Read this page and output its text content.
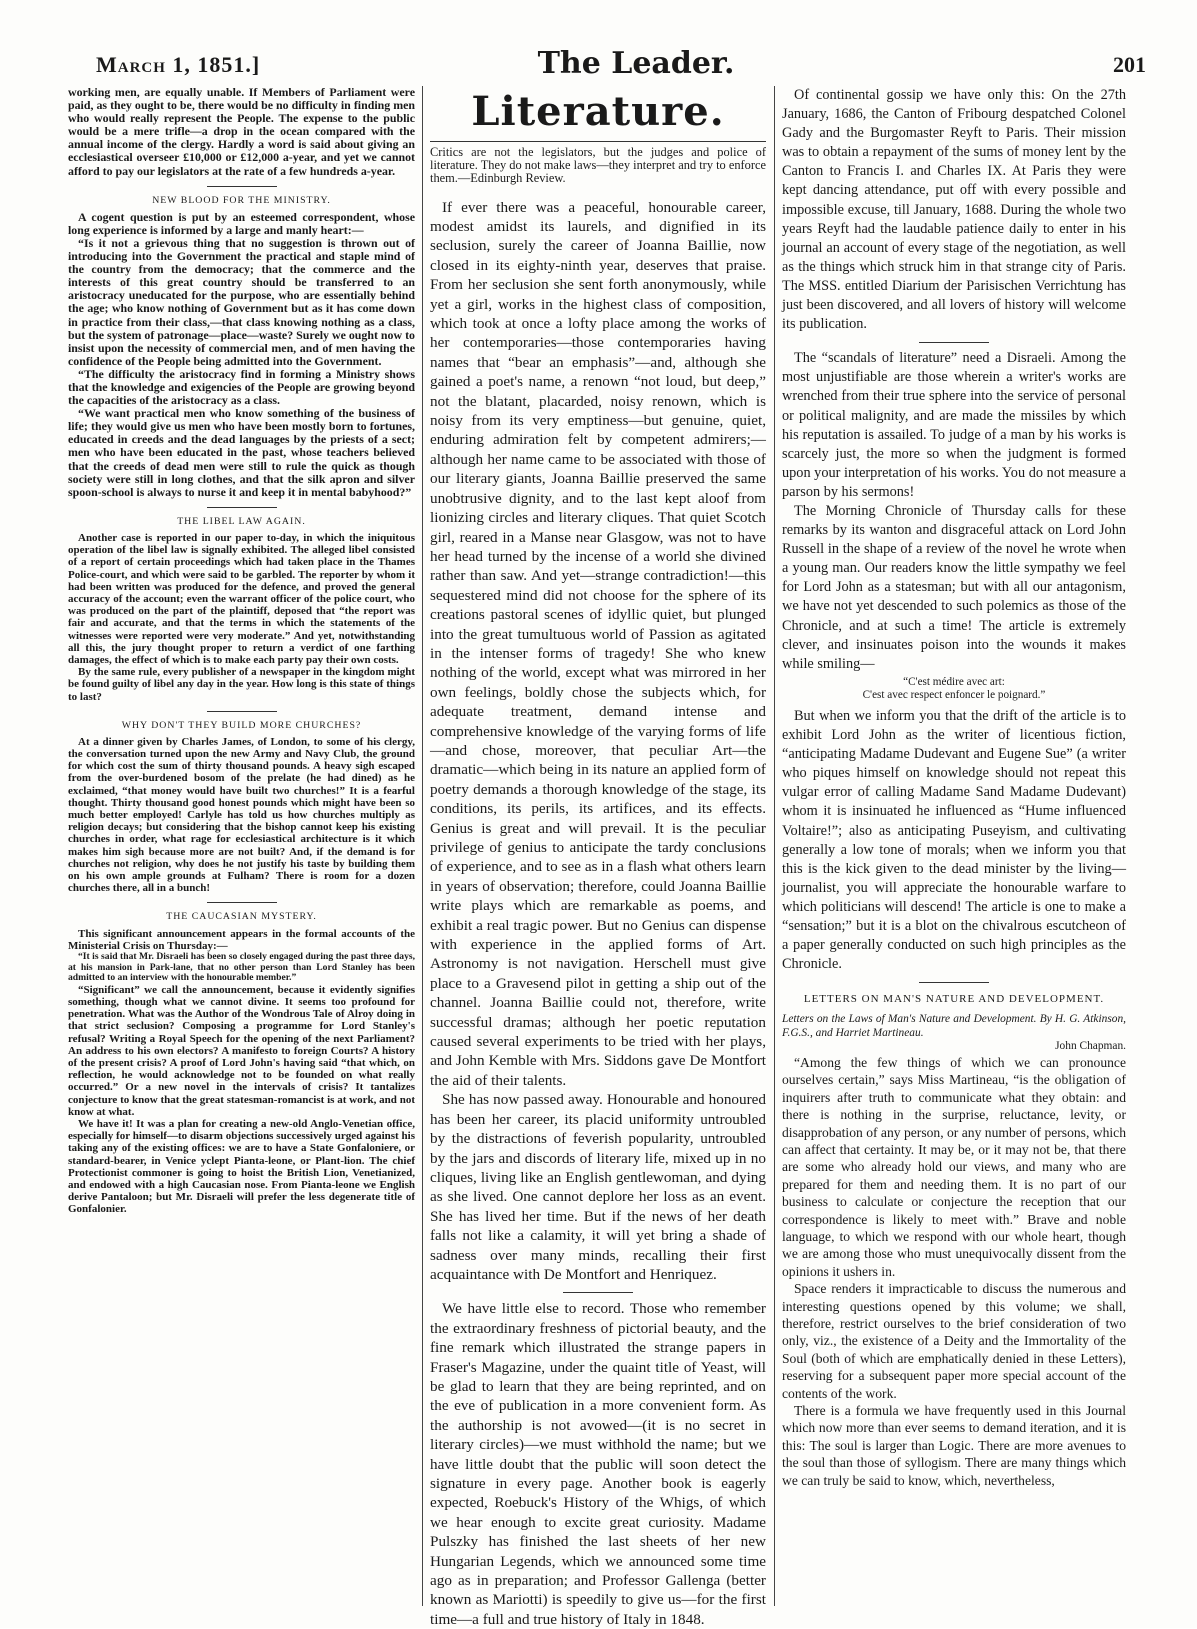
March 1, 1851.]	The Leader.	201

working men, are equally unable. If Members of Parliament were paid, as they ought to be, there would be no difficulty in finding men who would really represent the People. The expense to the public would be a mere trifle—a drop in the ocean compared with the annual income of the clergy. Hardly a word is said about giving an ecclesiastical overseer £10,000 or £12,000 a-year, and yet we cannot afford to pay our legislators at the rate of a few hundreds a-year.

NEW BLOOD FOR THE MINISTRY.

A cogent question is put by an esteemed correspondent, whose long experience is informed by a large and manly heart:—

“Is it not a grievous thing that no suggestion is thrown out of introducing into the Government the practical and staple mind of the country from the democracy; that the commerce and the interests of this great country should be transferred to an aristocracy uneducated for the purpose, who are essentially behind the age; who know nothing of Government but as it has come down in practice from their class,—that class knowing nothing as a class, but the system of patronage—place—waste? Surely we ought now to insist upon the necessity of commercial men, and of men having the confidence of the People being admitted into the Government.

“The difficulty the aristocracy find in forming a Ministry shows that the knowledge and exigencies of the People are growing beyond the capacities of the aristocracy as a class.

“We want practical men who know something of the business of life; they would give us men who have been mostly born to fortunes, educated in creeds and the dead languages by the priests of a sect; men who have been educated in the past, whose teachers believed that the creeds of dead men were still to rule the quick as though society were still in long clothes, and that the silk apron and silver spoon-school is always to nurse it and keep it in mental babyhood?”

THE LIBEL LAW AGAIN.

Another case is reported in our paper to-day, in which the iniquitous operation of the libel law is signally exhibited. The alleged libel consisted of a report of certain proceedings which had taken place in the Thames Police-court, and which were said to be garbled. The reporter by whom it had been written was produced for the defence, and proved the general accuracy of the account; even the warrant officer of the police court, who was produced on the part of the plaintiff, deposed that “the report was fair and accurate, and that the terms in which the statements of the witnesses were reported were very moderate.” And yet, notwithstanding all this, the jury thought proper to return a verdict of one farthing damages, the effect of which is to make each party pay their own costs.

By the same rule, every publisher of a newspaper in the kingdom might be found guilty of libel any day in the year. How long is this state of things to last?

WHY DON'T THEY BUILD MORE CHURCHES?

At a dinner given by Charles James, of London, to some of his clergy, the conversation turned upon the new Army and Navy Club, the ground for which cost the sum of thirty thousand pounds. A heavy sigh escaped from the over-burdened bosom of the prelate (he had dined) as he exclaimed, “that money would have built two churches!” It is a fearful thought. Thirty thousand good honest pounds which might have been so much better employed! Carlyle has told us how churches multiply as religion decays; but considering that the bishop cannot keep his existing churches in order, what rage for ecclesiastical architecture is it which makes him sigh because more are not built? And, if the demand is for churches not religion, why does he not justify his taste by building them on his own ample grounds at Fulham? There is room for a dozen churches there, all in a bunch!

THE CAUCASIAN MYSTERY.

This significant announcement appears in the formal accounts of the Ministerial Crisis on Thursday:—

“It is said that Mr. Disraeli has been so closely engaged during the past three days, at his mansion in Park-lane, that no other person than Lord Stanley has been admitted to an interview with the honourable member.”

“Significant” we call the announcement, because it evidently signifies something, though what we cannot divine. It seems too profound for penetration. What was the Author of the Wondrous Tale of Alroy doing in that strict seclusion? Composing a programme for Lord Stanley's refusal? Writing a Royal Speech for the opening of the next Parliament? An address to his own electors? A manifesto to foreign Courts? A history of the present crisis? A proof of Lord John's having said “that which, on reflection, he would acknowledge not to be founded on what really occurred.” Or a new novel in the intervals of crisis? It tantalizes conjecture to know that the great statesman-romancist is at work, and not know at what.

We have it! It was a plan for creating a new-old Anglo-Venetian office, especially for himself—to disarm objections successively urged against his taking any of the existing offices: we are to have a State Gonfaloniere, or standard-bearer, in Venice yclept Pianta-leone, or Plant-lion. The chief Protectionist commoner is going to hoist the British Lion, Venetianized, and endowed with a high Caucasian nose. From Pianta-leone we English derive Pantaloon; but Mr. Disraeli will prefer the less degenerate title of Gonfalonier.

Literature.

Critics are not the legislators, but the judges and police of literature. They do not make laws—they interpret and try to enforce them.—Edinburgh Review.

If ever there was a peaceful, honourable career, modest amidst its laurels, and dignified in its seclusion, surely the career of Joanna Baillie, now closed in its eighty-ninth year, deserves that praise. From her seclusion she sent forth anonymously, while yet a girl, works in the highest class of composition, which took at once a lofty place among the works of her contemporaries—those contemporaries having names that “bear an emphasis”—and, although she gained a poet's name, a renown “not loud, but deep,” not the blatant, placarded, noisy renown, which is noisy from its very emptiness—but genuine, quiet, enduring admiration felt by competent admirers;—although her name came to be associated with those of our literary giants, Joanna Baillie preserved the same unobtrusive dignity, and to the last kept aloof from lionizing circles and literary cliques. That quiet Scotch girl, reared in a Manse near Glasgow, was not to have her head turned by the incense of a world she divined rather than saw. And yet—strange contradiction!—this sequestered mind did not choose for the sphere of its creations pastoral scenes of idyllic quiet, but plunged into the great tumultuous world of Passion as agitated in the intenser forms of tragedy! She who knew nothing of the world, except what was mirrored in her own feelings, boldly chose the subjects which, for adequate treatment, demand intense and comprehensive knowledge of the varying forms of life—and chose, moreover, that peculiar Art—the dramatic—which being in its nature an applied form of poetry demands a thorough knowledge of the stage, its conditions, its perils, its artifices, and its effects. Genius is great and will prevail. It is the peculiar privilege of genius to anticipate the tardy conclusions of experience, and to see as in a flash what others learn in years of observation; therefore, could Joanna Baillie write plays which are remarkable as poems, and exhibit a real tragic power. But no Genius can dispense with experience in the applied forms of Art. Astronomy is not navigation. Herschell must give place to a Gravesend pilot in getting a ship out of the channel. Joanna Baillie could not, therefore, write successful dramas; although her poetic reputation caused several experiments to be tried with her plays, and John Kemble with Mrs. Siddons gave De Montfort the aid of their talents.

She has now passed away. Honourable and honoured has been her career, its placid uniformity untroubled by the distractions of feverish popularity, untroubled by the jars and discords of literary life, mixed up in no cliques, living like an English gentlewoman, and dying as she lived. One cannot deplore her loss as an event. She has lived her time. But if the news of her death falls not like a calamity, it will yet bring a shade of sadness over many minds, recalling their first acquaintance with De Montfort and Henriquez.

We have little else to record. Those who remember the extraordinary freshness of pictorial beauty, and the fine remark which illustrated the strange papers in Fraser's Magazine, under the quaint title of Yeast, will be glad to learn that they are being reprinted, and on the eve of publication in a more convenient form. As the authorship is not avowed—(it is no secret in literary circles)—we must withhold the name; but we have little doubt that the public will soon detect the signature in every page. Another book is eagerly expected, Roebuck's History of the Whigs, of which we hear enough to excite great curiosity. Madame Pulszky has finished the last sheets of her new Hungarian Legends, which we announced some time ago as in preparation; and Professor Gallenga (better known as Mariotti) is speedily to give us—for the first time—a full and true history of Italy in 1848.

Of continental gossip we have only this: On the 27th January, 1686, the Canton of Fribourg despatched Colonel Gady and the Burgomaster Reyft to Paris. Their mission was to obtain a repayment of the sums of money lent by the Canton to Francis I. and Charles IX. At Paris they were kept dancing attendance, put off with every possible and impossible excuse, till January, 1688. During the whole two years Reyft had the laudable patience daily to enter in his journal an account of every stage of the negotiation, as well as the things which struck him in that strange city of Paris. The MSS. entitled Diarium der Parisischen Verrichtung has just been discovered, and all lovers of history will welcome its publication.

The “scandals of literature” need a Disraeli. Among the most unjustifiable are those wherein a writer's works are wrenched from their true sphere into the service of personal or political malignity, and are made the missiles by which his reputation is assailed. To judge of a man by his works is scarcely just, the more so when the judgment is formed upon your interpretation of his works. You do not measure a parson by his sermons!

The Morning Chronicle of Thursday calls for these remarks by its wanton and disgraceful attack on Lord John Russell in the shape of a review of the novel he wrote when a young man. Our readers know the little sympathy we feel for Lord John as a statesman; but with all our antagonism, we have not yet descended to such polemics as those of the Chronicle, and at such a time! The article is extremely clever, and insinuates poison into the wounds it makes while smiling—

“C'est médire avec art:

C'est avec respect enfoncer le poignard.”

But when we inform you that the drift of the article is to exhibit Lord John as the writer of licentious fiction, “anticipating Madame Dudevant and Eugene Sue” (a writer who piques himself on knowledge should not repeat this vulgar error of calling Madame Sand Madame Dudevant) whom it is insinuated he influenced as “Hume influenced Voltaire!”; also as anticipating Puseyism, and cultivating generally a low tone of morals; when we inform you that this is the kick given to the dead minister by the living—journalist, you will appreciate the honourable warfare to which politicians will descend! The article is one to make a “sensation;” but it is a blot on the chivalrous escutcheon of a paper generally conducted on such high principles as the Chronicle.

LETTERS ON MAN'S NATURE AND DEVELOPMENT.

Letters on the Laws of Man's Nature and Development. By H. G. Atkinson, F.G.S., and Harriet Martineau.

John Chapman.

“Among the few things of which we can pronounce ourselves certain,” says Miss Martineau, “is the obligation of inquirers after truth to communicate what they obtain: and there is nothing in the surprise, reluctance, levity, or disapprobation of any person, or any number of persons, which can affect that certainty. It may be, or it may not be, that there are some who already hold our views, and many who are prepared for them and needing them. It is no part of our business to calculate or conjecture the reception that our correspondence is likely to meet with.” Brave and noble language, to which we respond with our whole heart, though we are among those who must unequivocally dissent from the opinions it ushers in.

Space renders it impracticable to discuss the numerous and interesting questions opened by this volume; we shall, therefore, restrict ourselves to the brief consideration of two only, viz., the existence of a Deity and the Immortality of the Soul (both of which are emphatically denied in these Letters), reserving for a subsequent paper more special account of the contents of the work.

There is a formula we have frequently used in this Journal which now more than ever seems to demand iteration, and it is this: The soul is larger than Logic. There are more avenues to the soul than those of syllogism. There are many things which we can truly be said to know, which, nevertheless,
